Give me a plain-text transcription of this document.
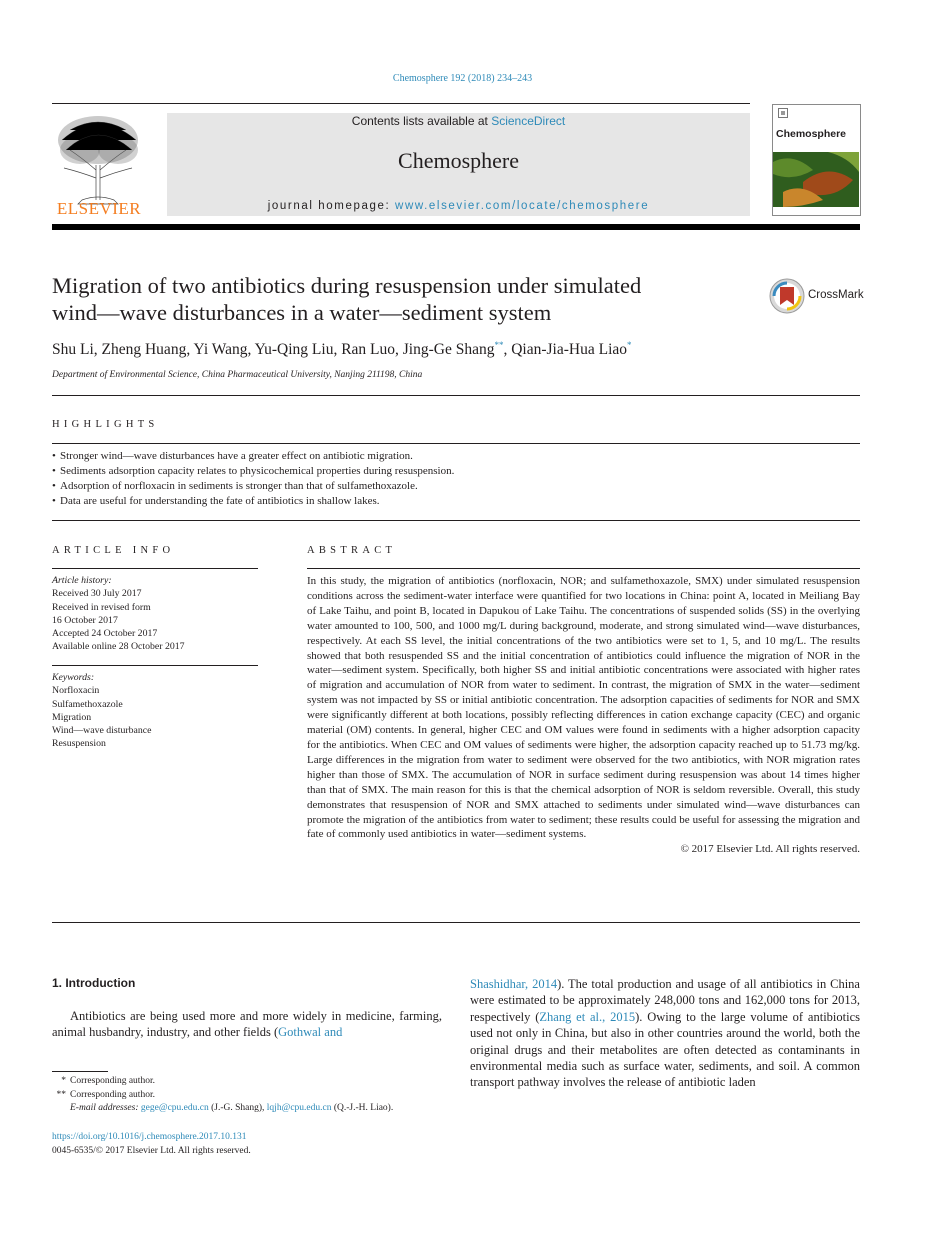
Chemosphere 192 (2018) 234–243
ELSEVIER
Contents lists available at ScienceDirect
Chemosphere
journal homepage: www.elsevier.com/locate/chemosphere
Chemosphere
Migration of two antibiotics during resuspension under simulated
wind—wave disturbances in a water—sediment system
CrossMark
Shu Li, Zheng Huang, Yi Wang, Yu-Qing Liu, Ran Luo, Jing-Ge Shang**, Qian-Jia-Hua Liao*
Department of Environmental Science, China Pharmaceutical University, Nanjing 211198, China
HIGHLIGHTS
• Stronger wind—wave disturbances have a greater effect on antibiotic migration.
• Sediments adsorption capacity relates to physicochemical properties during resuspension.
• Adsorption of norfloxacin in sediments is stronger than that of sulfamethoxazole.
• Data are useful for understanding the fate of antibiotics in shallow lakes.
ARTICLE INFO	ABSTRACT
Article history:
Received 30 July 2017
Received in revised form
16 October 2017
Accepted 24 October 2017
Available online 28 October 2017
Keywords:
Norfloxacin
Sulfamethoxazole
Migration
Wind—wave disturbance
Resuspension
In this study, the migration of antibiotics (norfloxacin, NOR; and sulfamethoxazole, SMX) under simulated resuspension conditions across the sediment-water interface were quantified for two locations in China: point A, located in Meiliang Bay of Lake Taihu, and point B, located in Dapukou of Lake Taihu. The concentrations of suspended solids (SS) in the overlying water amounted to 100, 500, and 1000 mg/L during background, moderate, and strong simulated wind—wave disturbances, respectively. At each SS level, the initial concentrations of the two antibiotics were set to 1, 5, and 10 mg/L. The results showed that both resuspended SS and the initial concentration of antibiotics could influence the migration of NOR in the water—sediment system. Specifically, both higher SS and initial antibiotic concentrations were associated with higher rates of migration and accumulation of NOR from water to sediment. In contrast, the migration of SMX in the water—sediment system was not impacted by SS or initial antibiotic concentration. The adsorption capacities of sediments for NOR and SMX were significantly different at both locations, possibly reflecting differences in cation exchange capacity (CEC) and organic material (OM) contents. In general, higher CEC and OM values were found in sediments with a higher adsorption capacity for the antibiotics. When CEC and OM values of sediments were higher, the adsorption capacity reached up to 51.73 mg/kg. Large differences in the migration from water to sediment were observed for the two antibiotics, with NOR migration rates higher than those of SMX. The accumulation of NOR in surface sediment during resuspension was about 14 times higher than that of SMX. The main reason for this is that the chemical adsorption of NOR is seldom reversible. Overall, this study demonstrates that resuspension of NOR and SMX attached to sediments under simulated wind—wave disturbances can promote the migration of the antibiotics from water to sediment; these results could be useful for assessing the migration and fate of commonly used antibiotics in water—sediment systems.
© 2017 Elsevier Ltd. All rights reserved.
1. Introduction
Antibiotics are being used more and more widely in medicine, farming, animal husbandry, industry, and other fields (Gothwal and
Shashidhar, 2014). The total production and usage of all antibiotics in China were estimated to be approximately 248,000 tons and 162,000 tons for 2013, respectively (Zhang et al., 2015). Owing to the large volume of antibiotics used not only in China, but also in other countries around the world, both the original drugs and their metabolites are often detected as contaminants in environmental media such as surface water, sediments, and soil. A common transport pathway involves the release of antibiotic laden
* Corresponding author.
** Corresponding author.
E-mail addresses: gege@cpu.edu.cn (J.-G. Shang), lqjh@cpu.edu.cn (Q.-J.-H. Liao).
https://doi.org/10.1016/j.chemosphere.2017.10.131
0045-6535/© 2017 Elsevier Ltd. All rights reserved.
